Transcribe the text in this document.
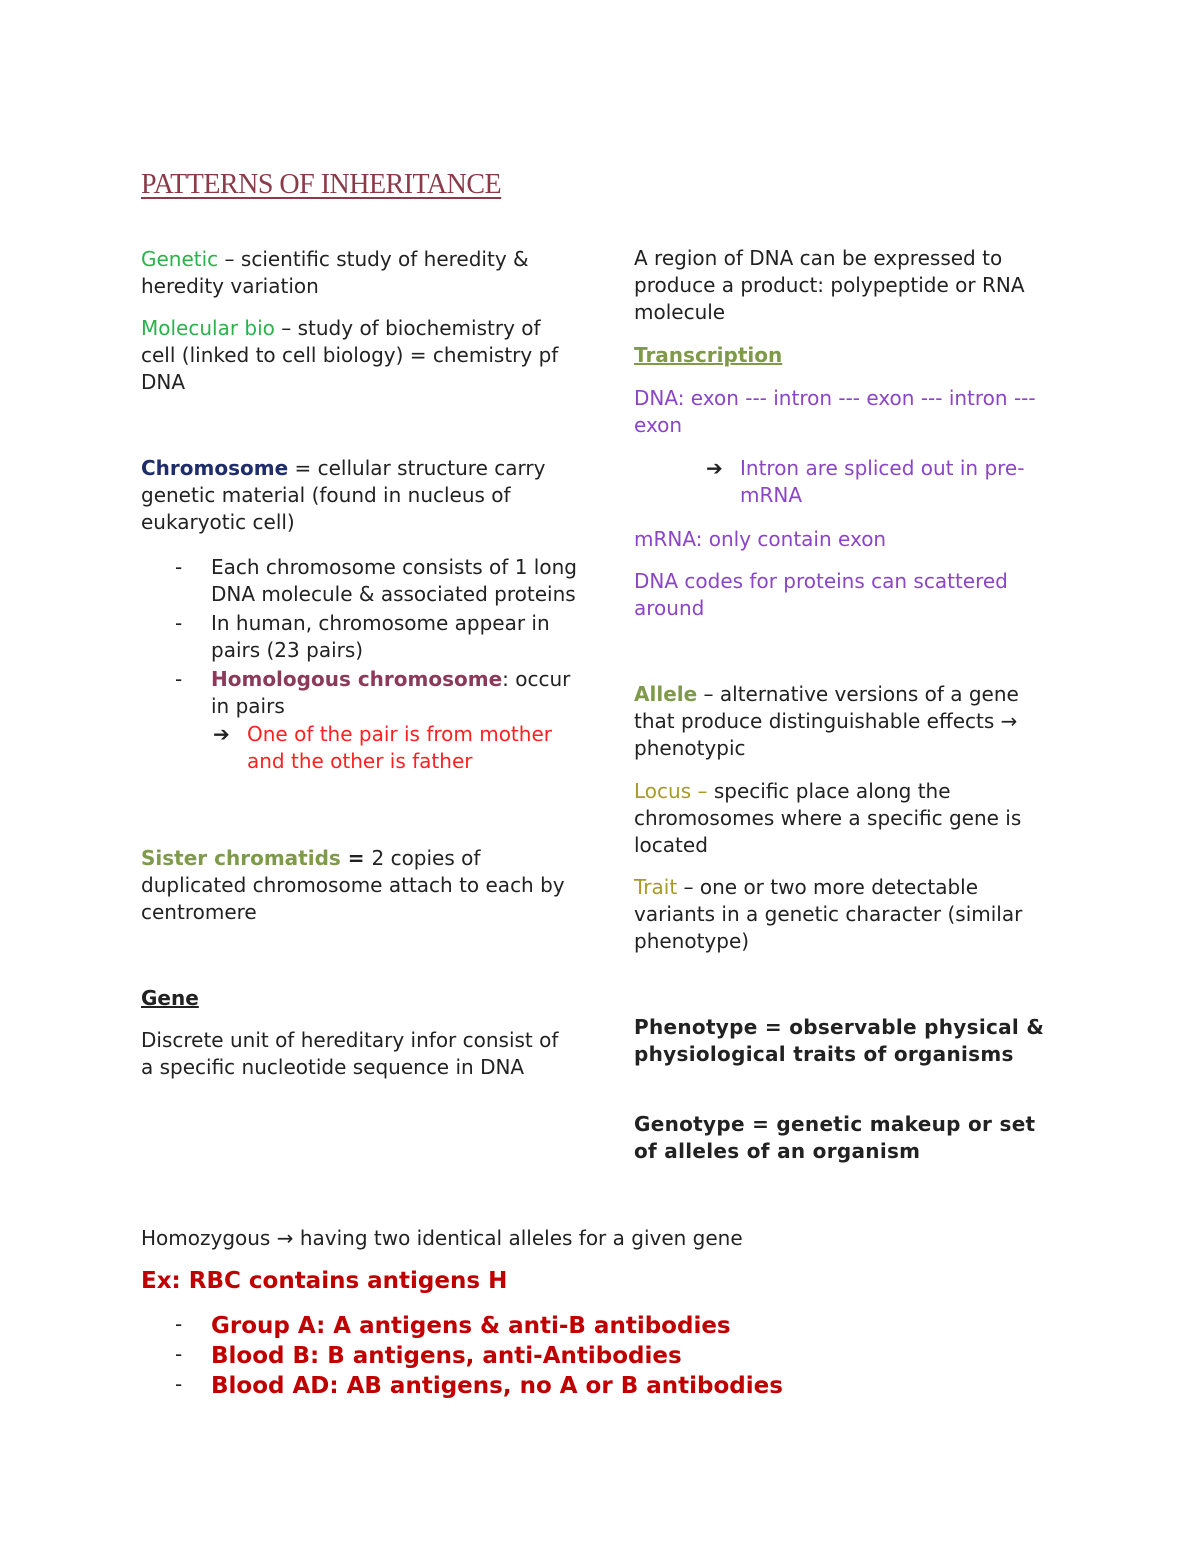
PATTERNS OF INHERITANCE
Genetic – scientific study of heredity & heredity variation
Molecular bio – study of biochemistry of cell (linked to cell biology) = chemistry pf DNA
Chromosome = cellular structure carry genetic material (found in nucleus of eukaryotic cell)
- Each chromosome consists of 1 long DNA molecule & associated proteins
- In human, chromosome appear in pairs (23 pairs)
- Homologous chromosome: occur in pairs
➔ One of the pair is from mother and the other is father
Sister chromatids = 2 copies of duplicated chromosome attach to each by centromere
Gene
Discrete unit of hereditary infor consist of a specific nucleotide sequence in DNA
A region of DNA can be expressed to produce a product: polypeptide or RNA molecule
Transcription
DNA: exon --- intron --- exon --- intron --- exon
➔ Intron are spliced out in pre-mRNA
mRNA: only contain exon
DNA codes for proteins can scattered around
Allele – alternative versions of a gene that produce distinguishable effects → phenotypic
Locus – specific place along the chromosomes where a specific gene is located
Trait – one or two more detectable variants in a genetic character (similar phenotype)
Phenotype = observable physical & physiological traits of organisms
Genotype = genetic makeup or set of alleles of an organism
Homozygous → having two identical alleles for a given gene
Ex: RBC contains antigens H
- Group A: A antigens & anti-B antibodies
- Blood B: B antigens, anti-Antibodies
- Blood AD: AB antigens, no A or B antibodies
